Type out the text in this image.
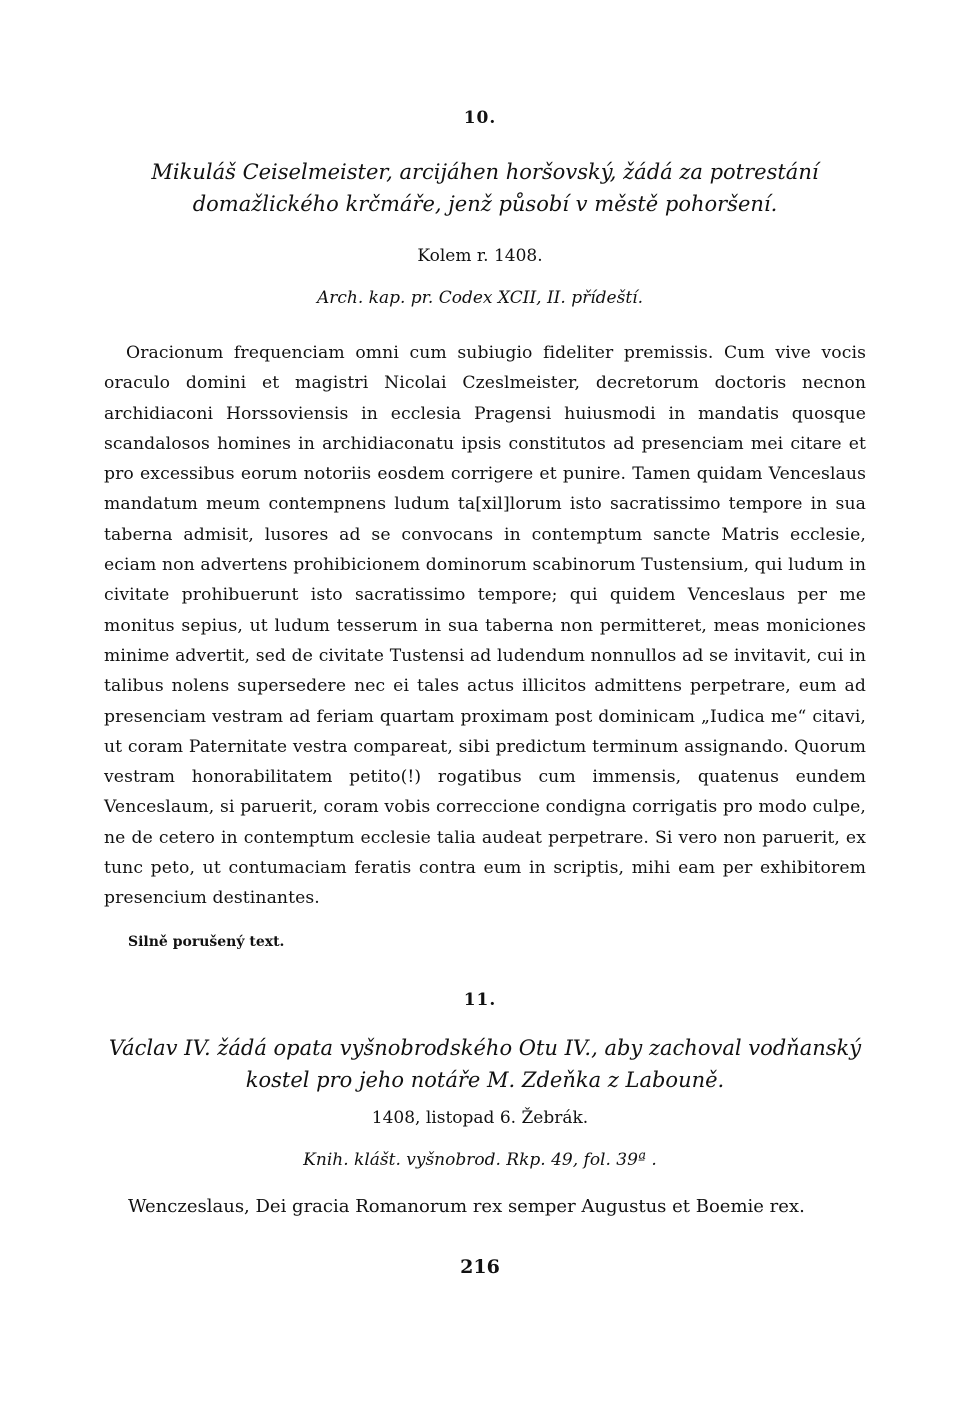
10.
Mikuláš Ceiselmeister, arcijáhen horšovský, žádá za potrestání domažlického krčmáře, jenž působí v městě pohoršení.
Kolem r. 1408.
Arch. kap. pr. Codex XCII, II. přídeští.

Oracionum frequenciam omni cum subiugio fideliter premissis. Cum vive vocis oraculo domini et magistri Nicolai Czeslmeister, decretorum doctoris necnon archidiaconi Horssoviensis in ecclesia Pragensi huiusmodi in mandatis quosque scandalosos homines in archidiaconatu ipsis constitutos ad presenciam mei citare et pro excessibus eorum notoriis eosdem corrigere et punire. Tamen quidam Venceslaus mandatum meum contempnens ludum ta[xil]lorum isto sacratissimo tempore in sua taberna admisit, lusores ad se convocans in contemptum sancte Matris ecclesie, eciam non advertens prohibicionem dominorum scabinorum Tustensium, qui ludum in civitate prohibuerunt isto sacratissimo tempore; qui quidem Venceslaus per me monitus sepius, ut ludum tesserum in sua taberna non permitteret, meas moniciones minime advertit, sed de civitate Tustensi ad ludendum nonnullos ad se invitavit, cui in talibus nolens supersedere nec ei tales actus illicitos admittens perpetrare, eum ad presenciam vestram ad feriam quartam proximam post dominicam „Iudica me“ citavi, ut coram Paternitate vestra compareat, sibi predictum terminum assignando. Quorum vestram honorabilitatem petito(!) rogatibus cum immensis, quatenus eundem Venceslaum, si paruerit, coram vobis correccione condigna corrigatis pro modo culpe, ne de cetero in contemptum ecclesie talia audeat perpetrare. Si vero non paruerit, ex tunc peto, ut contumaciam feratis contra eum in scriptis, mihi eam per exhibitorem presencium destinantes.

Silně porušený text.
11.
Václav IV. žádá opata vyšnobrodského Otu IV., aby zachoval vodňanský kostel pro jeho notáře M. Zdeňka z Labouně.
1408, listopad 6. Žebrák.
Knih. klášt. vyšnobrod. Rkp. 49, fol. 39ª .
Wenczeslaus, Dei gracia Romanorum rex semper Augustus et Boemie rex.
216
